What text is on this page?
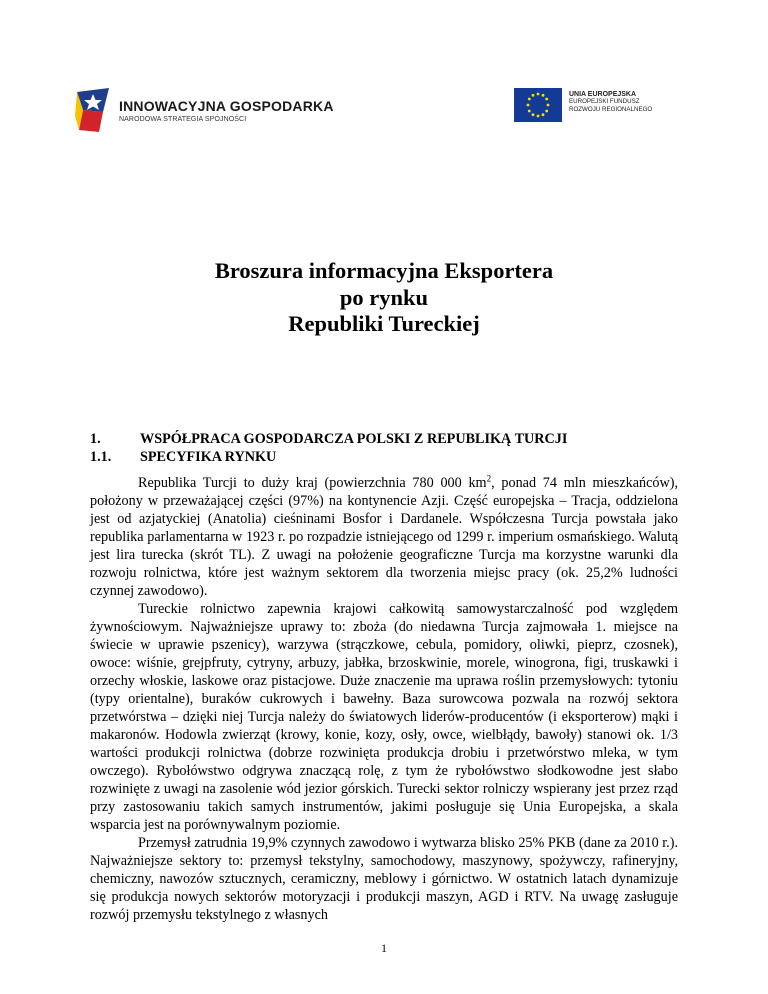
INNOWACYJNA GOSPODARKA
NARODOWA STRATEGIA SPÓJNOŚCI
UNIA EUROPEJSKA
EUROPEJSKI FUNDUSZ
ROZWOJU REGIONALNEGO
Broszura informacyjna Eksportera
po rynku
Republiki Tureckiej
1.	WSPÓŁPRACA GOSPODARCZA POLSKI Z REPUBLIKĄ TURCJI
1.1.	SPECYFIKA RYNKU

Republika Turcji to duży kraj (powierzchnia 780 000 $km^2$, ponad 74 mln mieszkańców), położony w przeważającej części (97%) na kontynencie Azji. Część europejska – Tracja, oddzielona jest od azjatyckiej (Anatolia) cieśninami Bosfor i Dardanele. Współczesna Turcja powstała jako republika parlamentarna w 1923 r. po rozpadzie istniejącego od 1299 r. imperium osmańskiego. Walutą jest lira turecka (skrót TL). Z uwagi na położenie geograficzne Turcja ma korzystne warunki dla rozwoju rolnictwa, które jest ważnym sektorem dla tworzenia miejsc pracy (ok. 25,2% ludności czynnej zawodowo).

Tureckie rolnictwo zapewnia krajowi całkowitą samowystarczalność pod względem żywnościowym. Najważniejsze uprawy to: zboża (do niedawna Turcja zajmowała 1. miejsce na świecie w uprawie pszenicy), warzywa (strączkowe, cebula, pomidory, oliwki, pieprz, czosnek), owoce: wiśnie, grejpfruty, cytryny, arbuzy, jabłka, brzoskwinie, morele, winogrona, figi, truskawki i orzechy włoskie, laskowe oraz pistacjowe. Duże znaczenie ma uprawa roślin przemysłowych: tytoniu (typy orientalne), buraków cukrowych i bawełny. Baza surowcowa pozwala na rozwój sektora przetwórstwa – dzięki niej Turcja należy do światowych liderów-producentów (i eksporterow) mąki i makaronów. Hodowla zwierząt (krowy, konie, kozy, osły, owce, wielbłądy, bawoły) stanowi ok. 1/3 wartości produkcji rolnictwa (dobrze rozwinięta produkcja drobiu i przetwórstwo mleka, w tym owczego). Rybołówstwo odgrywa znaczącą rolę, z tym że rybołówstwo słodkowodne jest słabo rozwinięte z uwagi na zasolenie wód jezior górskich. Turecki sektor rolniczy wspierany jest przez rząd przy zastosowaniu takich samych instrumentów, jakimi posługuje się Unia Europejska, a skala wsparcia jest na porównywalnym poziomie.

Przemysł zatrudnia 19,9% czynnych zawodowo i wytwarza blisko 25% PKB (dane za 2010 r.). Najważniejsze sektory to: przemysł tekstylny, samochodowy, maszynowy, spożywczy, rafineryjny, chemiczny, nawozów sztucznych, ceramiczny, meblowy i górnictwo. W ostatnich latach dynamizuje się produkcja nowych sektorów motoryzacji i produkcji maszyn, AGD i RTV. Na uwagę zasługuje rozwój przemysłu tekstylnego z własnych

1
